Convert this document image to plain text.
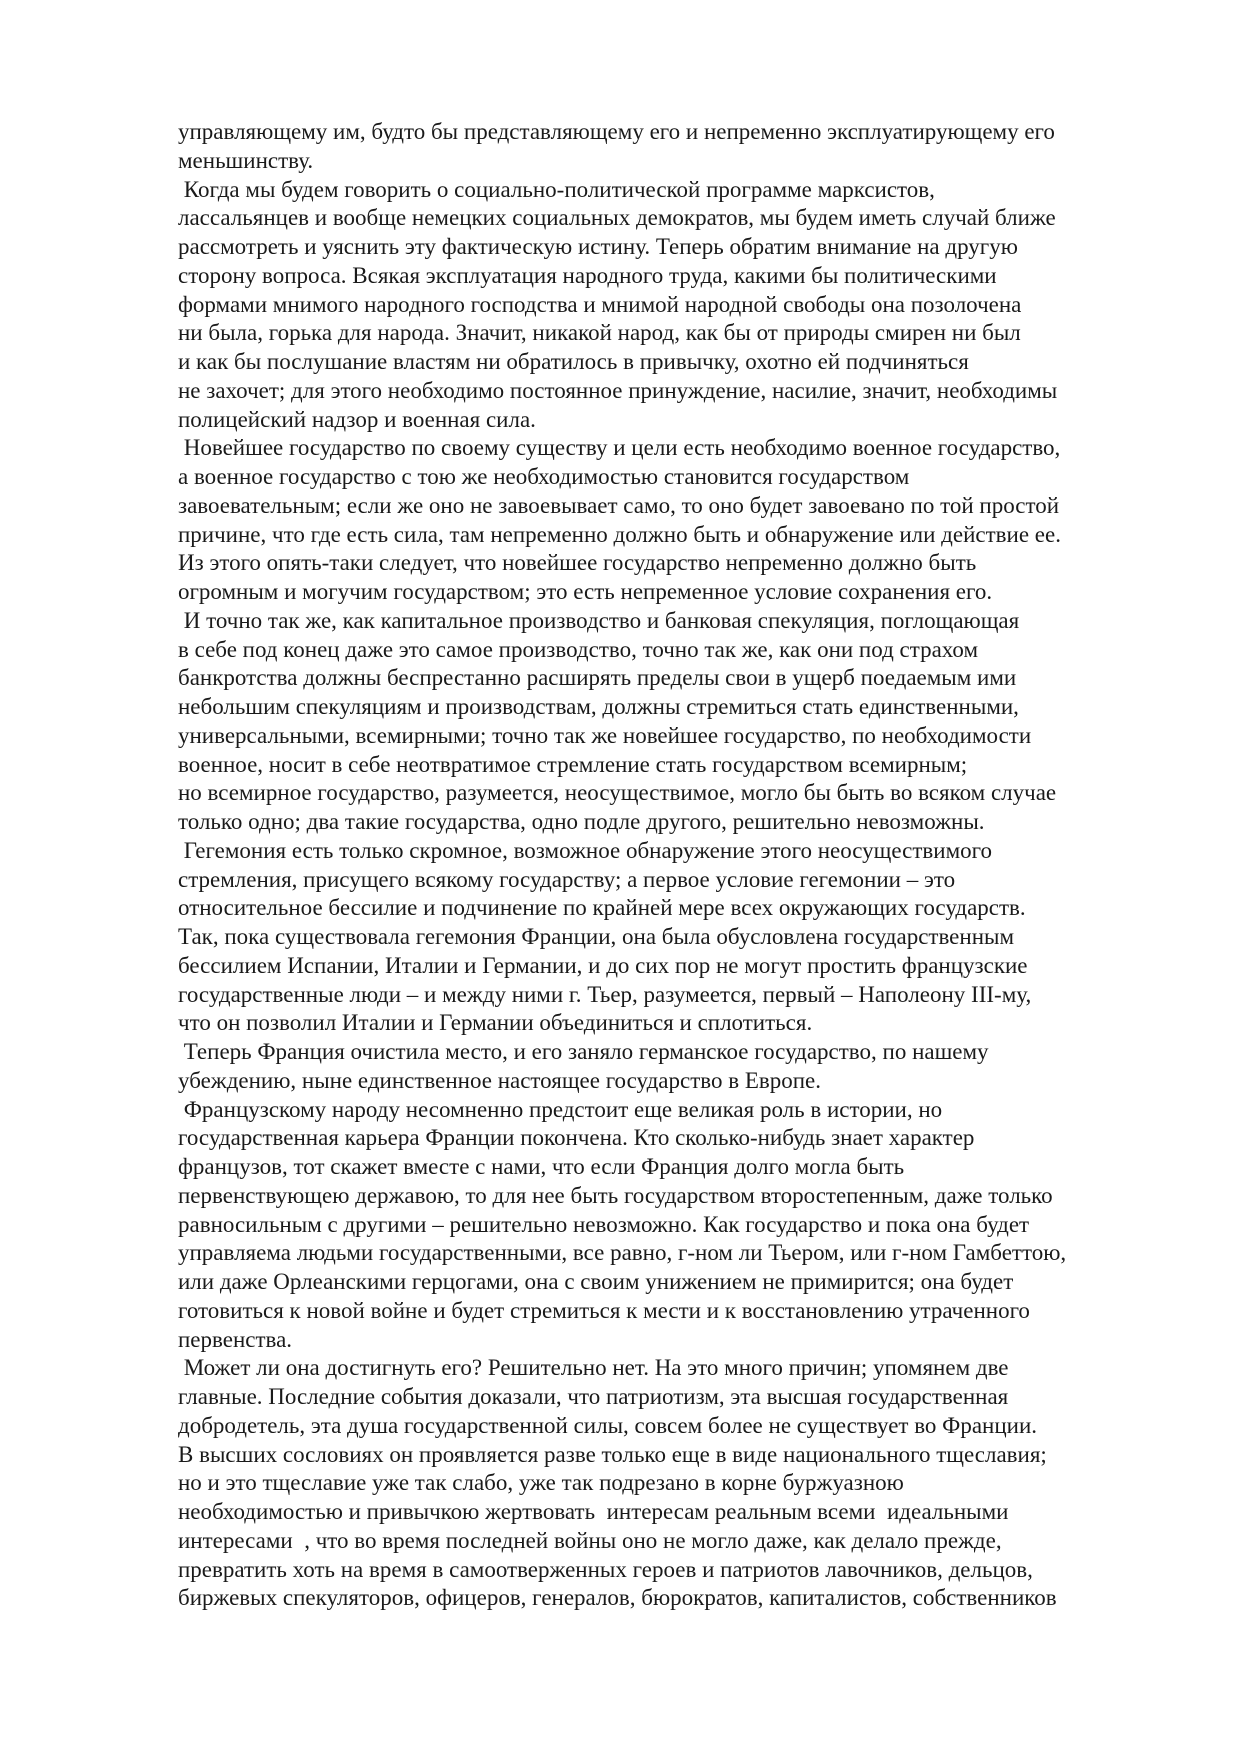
управляющему им, будто бы представляющему его и непременно эксплуатирующему его
меньшинству.
Когда мы будем говорить о социально-политической программе марксистов,
лассальянцев и вообще немецких социальных демократов, мы будем иметь случай ближе
рассмотреть и уяснить эту фактическую истину. Теперь обратим внимание на другую
сторону вопроса. Всякая эксплуатация народного труда, какими бы политическими
формами мнимого народного господства и мнимой народной свободы она позолочена
ни была, горька для народа. Значит, никакой народ, как бы от природы смирен ни был
и как бы послушание властям ни обратилось в привычку, охотно ей подчиняться
не захочет; для этого необходимо постоянное принуждение, насилие, значит, необходимы
полицейский надзор и военная сила.
Новейшее государство по своему существу и цели есть необходимо военное государство,
а военное государство с тою же необходимостью становится государством
завоевательным; если же оно не завоевывает само, то оно будет завоевано по той простой
причине, что где есть сила, там непременно должно быть и обнаружение или действие ее.
Из этого опять-таки следует, что новейшее государство непременно должно быть
огромным и могучим государством; это есть непременное условие сохранения его.
И точно так же, как капитальное производство и банковая спекуляция, поглощающая
в себе под конец даже это самое производство, точно так же, как они под страхом
банкротства должны беспрестанно расширять пределы свои в ущерб поедаемым ими
небольшим спекуляциям и производствам, должны стремиться стать единственными,
универсальными, всемирными; точно так же новейшее государство, по необходимости
военное, носит в себе неотвратимое стремление стать государством всемирным;
но всемирное государство, разумеется, неосуществимое, могло бы быть во всяком случае
только одно; два такие государства, одно подле другого, решительно невозможны.
Гегемония есть только скромное, возможное обнаружение этого неосуществимого
стремления, присущего всякому государству; а первое условие гегемонии – это
относительное бессилие и подчинение по крайней мере всех окружающих государств.
Так, пока существовала гегемония Франции, она была обусловлена государственным
бессилием Испании, Италии и Германии, и до сих пор не могут простить французские
государственные люди – и между ними г. Тьер, разумеется, первый – Наполеону III-му,
что он позволил Италии и Германии объединиться и сплотиться.
Теперь Франция очистила место, и его заняло германское государство, по нашему
убеждению, ныне единственное настоящее государство в Европе.
Французскому народу несомненно предстоит еще великая роль в истории, но
государственная карьера Франции покончена. Кто сколько-нибудь знает характер
французов, тот скажет вместе с нами, что если Франция долго могла быть
первенствующею державою, то для нее быть государством второстепенным, даже только
равносильным с другими – решительно невозможно. Как государство и пока она будет
управляема людьми государственными, все равно, г-ном ли Тьером, или г-ном Гамбеттою,
или даже Орлеанскими герцогами, она с своим унижением не примирится; она будет
готовиться к новой войне и будет стремиться к мести и к восстановлению утраченного
первенства.
Может ли она достигнуть его? Решительно нет. На это много причин; упомянем две
главные. Последние события доказали, что патриотизм, эта высшая государственная
добродетель, эта душа государственной силы, совсем более не существует во Франции.
В высших сословиях он проявляется разве только еще в виде национального тщеславия;
но и это тщеславие уже так слабо, уже так подрезано в корне буржуазною
необходимостью и привычкою жертвовать  интересам реальным всеми  идеальными
интересами  , что во время последней войны оно не могло даже, как делало прежде,
превратить хоть на время в самоотверженных героев и патриотов лавочников, дельцов,
биржевых спекуляторов, офицеров, генералов, бюрократов, капиталистов, собственников
